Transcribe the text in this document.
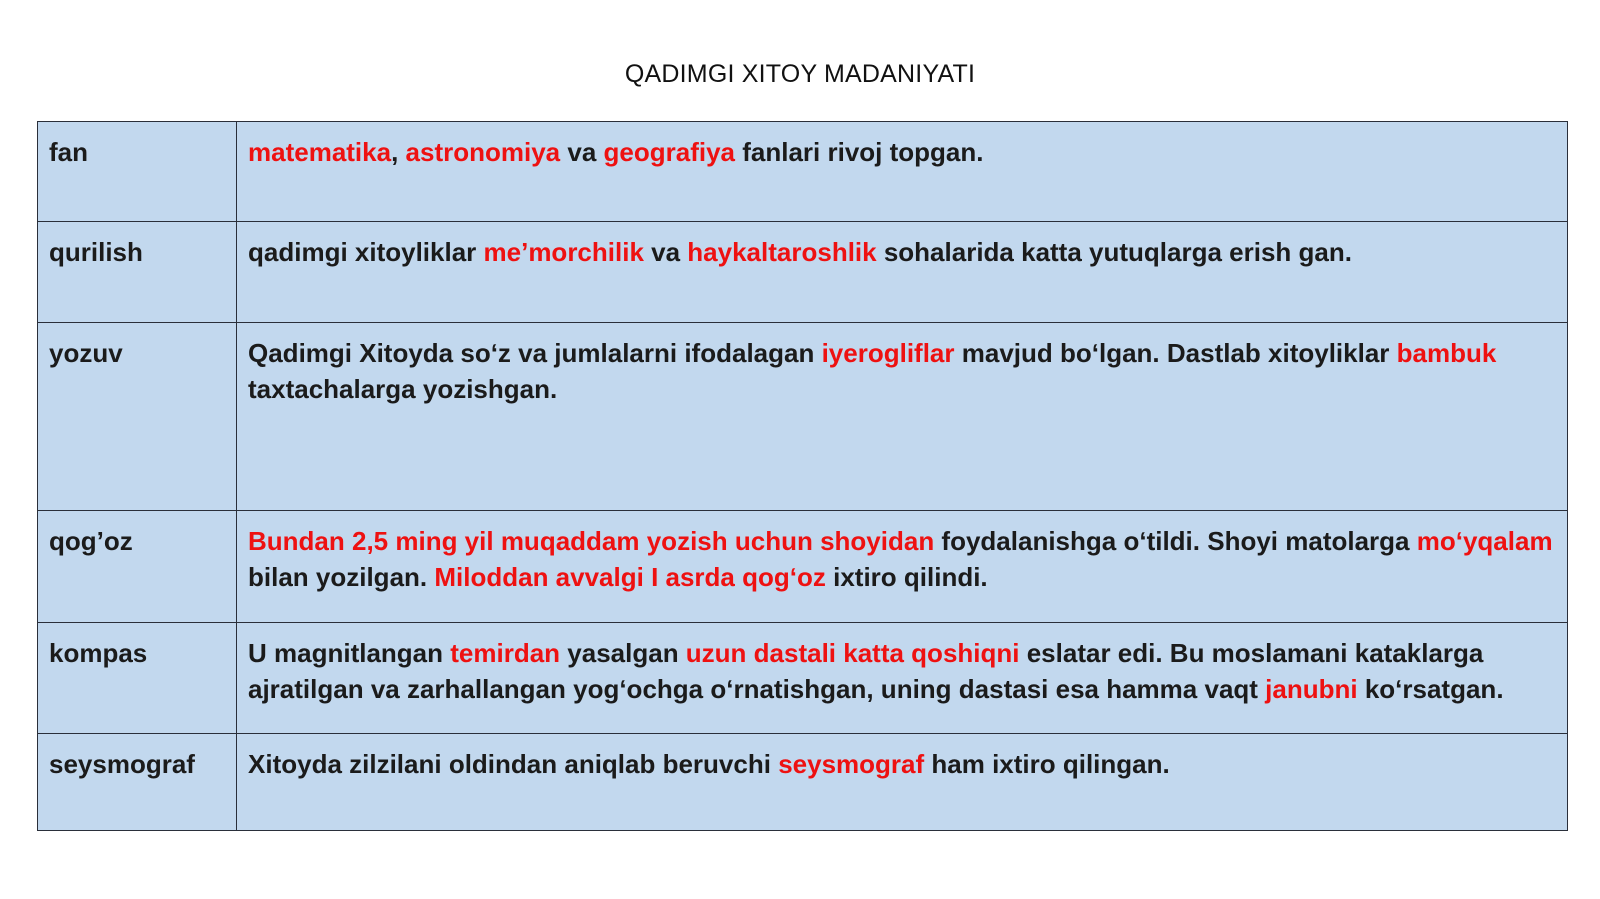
QADIMGI XITOY MADANIYATI
fan	matematika, astronomiya va geografiya fanlari rivoj topgan.
qurilish	qadimgi xitoyliklar me’morchilik va haykaltaroshlik sohalarida katta yutuqlarga erish gan.
yozuv	Qadimgi Xitoyda soʻz va jumlalarni ifodalagan iyerogliflar mavjud boʻlgan. Dastlab xitoyliklar bambuk taxtachalarga yozishgan.
qog’oz	Bundan 2,5 ming yil muqaddam yozish uchun shoyidan foydalanishga oʻtildi. Shoyi matolarga moʻyqalam bilan yozilgan. Miloddan avvalgi I asrda qogʻoz ixtiro qilindi.
kompas	U magnitlangan temirdan yasalgan uzun dastali katta qoshiqni eslatar edi. Bu moslamani kataklarga ajratilgan va zarhallangan yogʻochga oʻrnatishgan, uning dastasi esa hamma vaqt janubni koʻrsatgan.
seysmograf	Xitoyda zilzilani oldindan aniqlab beruvchi seysmograf ham ixtiro qilingan.
